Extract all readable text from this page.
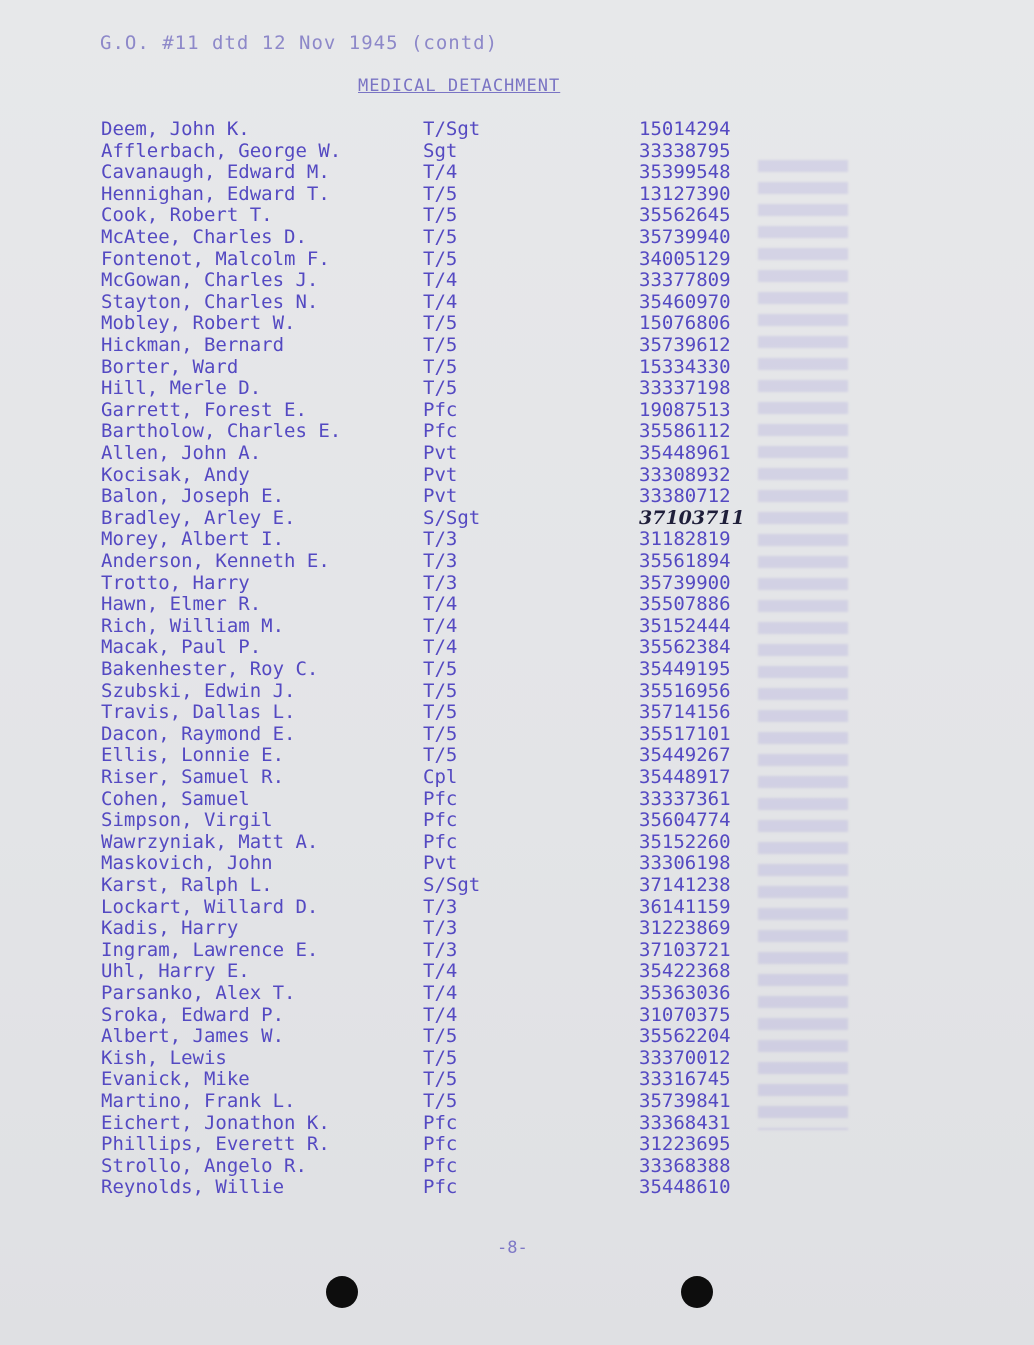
G.O. #11 dtd 12 Nov 1945 (contd)
MEDICAL DETACHMENT
Deem, John K.	T/Sgt	15014294
Afflerbach, George W.	Sgt	33338795
Cavanaugh, Edward M.	T/4	35399548
Hennighan, Edward T.	T/5	13127390
Cook, Robert T.	T/5	35562645
McAtee, Charles D.	T/5	35739940
Fontenot, Malcolm F.	T/5	34005129
McGowan, Charles J.	T/4	33377809
Stayton, Charles N.	T/4	35460970
Mobley, Robert W.	T/5	15076806
Hickman, Bernard	T/5	35739612
Borter, Ward	T/5	15334330
Hill, Merle D.	T/5	33337198
Garrett, Forest E.	Pfc	19087513
Bartholow, Charles E.	Pfc	35586112
Allen, John A.	Pvt	35448961
Kocisak, Andy	Pvt	33308932
Balon, Joseph E.	Pvt	33380712
Bradley, Arley E.	S/Sgt	37103711
Morey, Albert I.	T/3	31182819
Anderson, Kenneth E.	T/3	35561894
Trotto, Harry	T/3	35739900
Hawn, Elmer R.	T/4	35507886
Rich, William M.	T/4	35152444
Macak, Paul P.	T/4	35562384
Bakenhester, Roy C.	T/5	35449195
Szubski, Edwin J.	T/5	35516956
Travis, Dallas L.	T/5	35714156
Dacon, Raymond E.	T/5	35517101
Ellis, Lonnie E.	T/5	35449267
Riser, Samuel R.	Cpl	35448917
Cohen, Samuel	Pfc	33337361
Simpson, Virgil	Pfc	35604774
Wawrzyniak, Matt A.	Pfc	35152260
Maskovich, John	Pvt	33306198
Karst, Ralph L.	S/Sgt	37141238
Lockart, Willard D.	T/3	36141159
Kadis, Harry	T/3	31223869
Ingram, Lawrence E.	T/3	37103721
Uhl, Harry E.	T/4	35422368
Parsanko, Alex T.	T/4	35363036
Sroka, Edward P.	T/4	31070375
Albert, James W.	T/5	35562204
Kish, Lewis	T/5	33370012
Evanick, Mike	T/5	33316745
Martino, Frank L.	T/5	35739841
Eichert, Jonathon K.	Pfc	33368431
Phillips, Everett R.	Pfc	31223695
Strollo, Angelo R.	Pfc	33368388
Reynolds, Willie	Pfc	35448610
-8-
